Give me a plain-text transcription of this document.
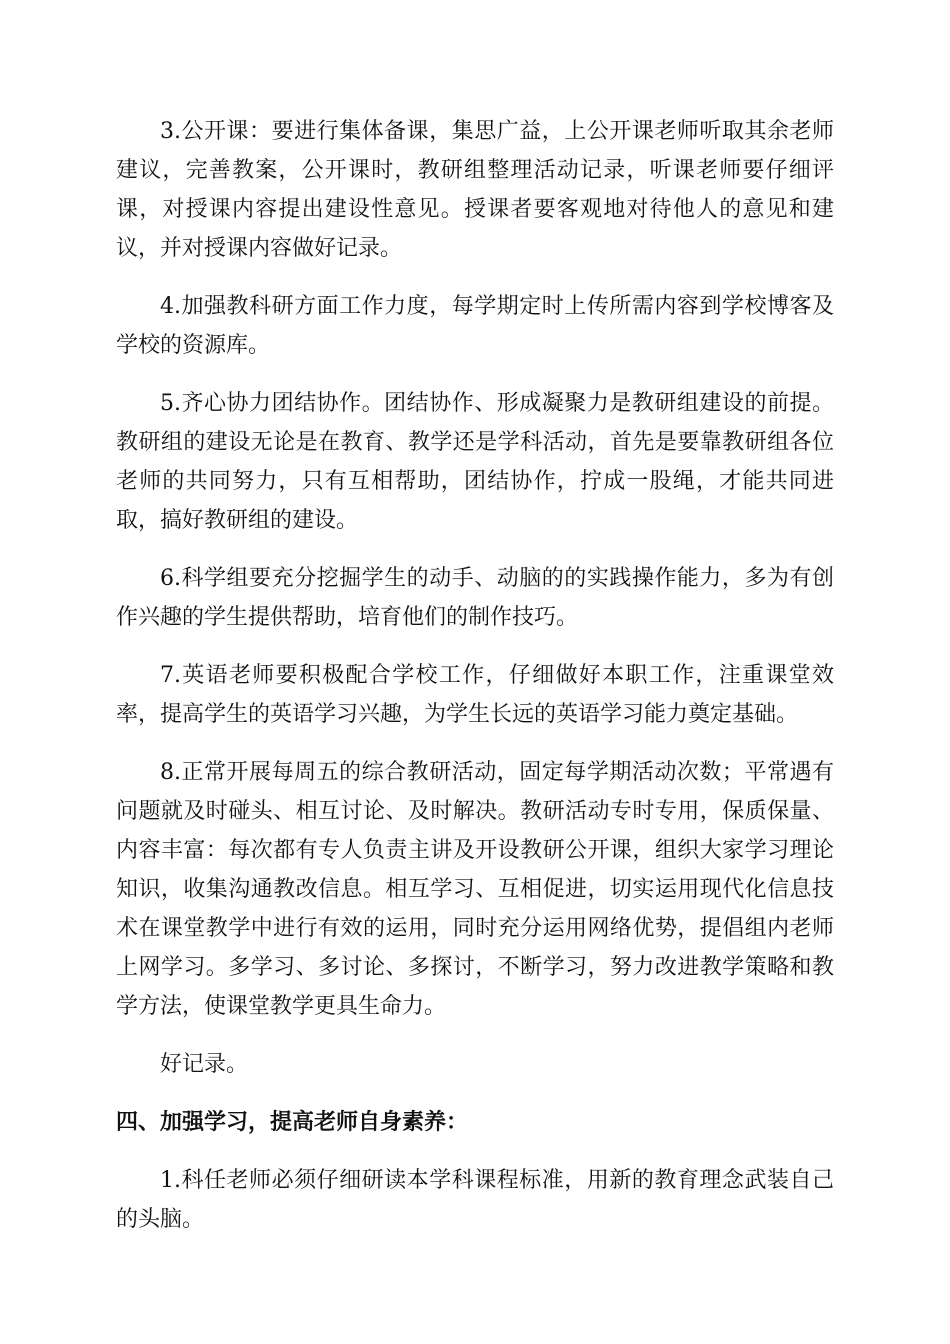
3.公开课：要进行集体备课，集思广益，上公开课老师听取其余老师建议，完善教案，公开课时，教研组整理活动记录，听课老师要仔细评课，对授课内容提出建设性意见。授课者要客观地对待他人的意见和建议，并对授课内容做好记录。

4.加强教科研方面工作力度，每学期定时上传所需内容到学校博客及学校的资源库。

5.齐心协力团结协作。团结协作、形成凝聚力是教研组建设的前提。教研组的建设无论是在教育、教学还是学科活动，首先是要靠教研组各位老师的共同努力，只有互相帮助，团结协作，拧成一股绳，才能共同进取，搞好教研组的建设。

6.科学组要充分挖掘学生的动手、动脑的的实践操作能力，多为有创作兴趣的学生提供帮助，培育他们的制作技巧。

7.英语老师要积极配合学校工作，仔细做好本职工作，注重课堂效率，提高学生的英语学习兴趣，为学生长远的英语学习能力奠定基础。

8.正常开展每周五的综合教研活动，固定每学期活动次数；平常遇有问题就及时碰头、相互讨论、及时解决。教研活动专时专用，保质保量、内容丰富：每次都有专人负责主讲及开设教研公开课，组织大家学习理论知识，收集沟通教改信息。相互学习、互相促进，切实运用现代化信息技术在课堂教学中进行有效的运用，同时充分运用网络优势，提倡组内老师上网学习。多学习、多讨论、多探讨，不断学习，努力改进教学策略和教学方法，使课堂教学更具生命力。

好记录。

四、加强学习，提高老师自身素养：

1.科任老师必须仔细研读本学科课程标准，用新的教育理念武装自己的头脑。
